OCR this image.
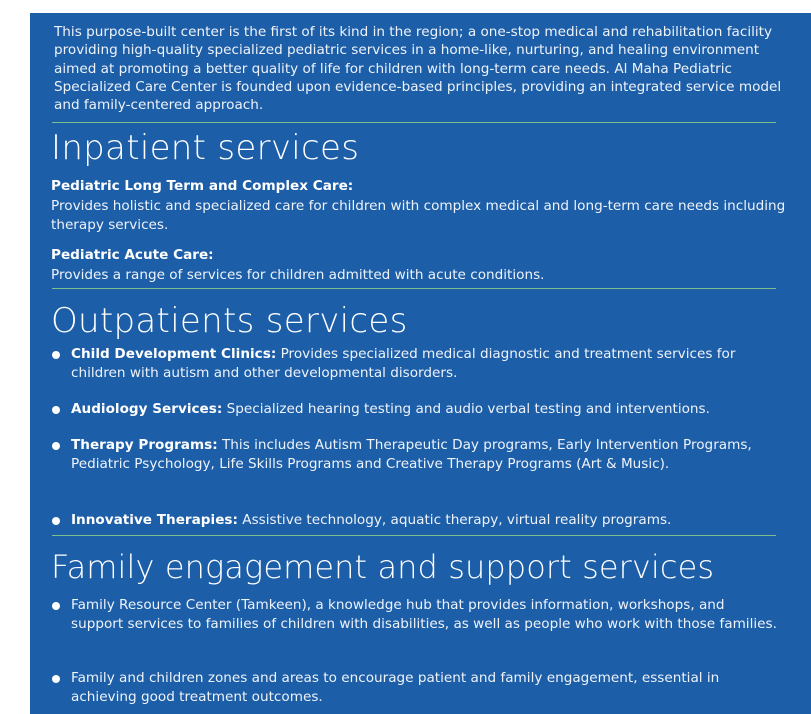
This purpose-built center is the first of its kind in the region; a one-stop medical and rehabilitation facility providing high-quality specialized pediatric services in a home-like, nurturing, and healing environment aimed at promoting a better quality of life for children with long-term care needs. Al Maha Pediatric Specialized Care Center is founded upon evidence-based principles, providing an integrated service model and family-centered approach.

Inpatient services

Pediatric Long Term and Complex Care:

Provides holistic and specialized care for children with complex medical and long-term care needs including therapy services.

Pediatric Acute Care:

Provides a range of services for children admitted with acute conditions.

Outpatients services
Child Development Clinics: Provides specialized medical diagnostic and treatment services for children with autism and other developmental disorders.
Audiology Services: Specialized hearing testing and audio verbal testing and interventions.
Therapy Programs: This includes Autism Therapeutic Day programs, Early Intervention Programs, Pediatric Psychology, Life Skills Programs and Creative Therapy Programs (Art & Music).
Innovative Therapies: Assistive technology, aquatic therapy, virtual reality programs.
Family engagement and support services
Family Resource Center (Tamkeen), a knowledge hub that provides information, workshops, and support services to families of children with disabilities, as well as people who work with those families.
Family and children zones and areas to encourage patient and family engagement, essential in achieving good treatment outcomes.
